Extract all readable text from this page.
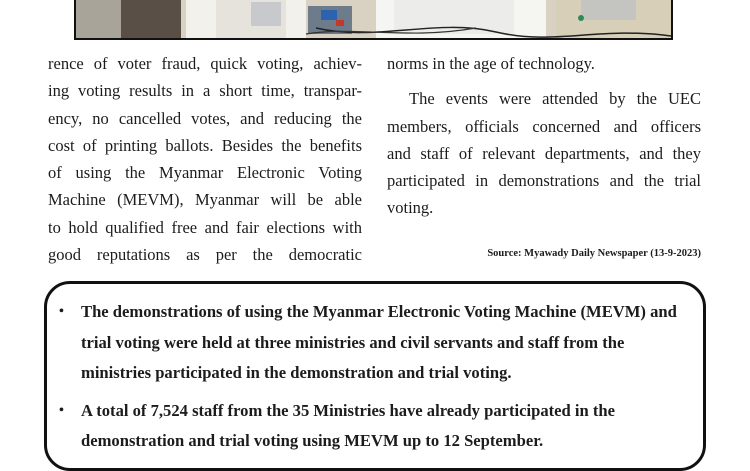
rence of voter fraud, quick voting, achiev-
ing voting results in a short time, transpar-
ency, no cancelled votes, and reducing the
cost of printing ballots. Besides the benefits
of using the Myanmar Electronic Voting
Machine (MEVM), Myanmar will be able
to hold qualified free and fair elections with
good reputations as per the democratic
norms in the age of technology.
The events were attended by the UEC
members, officials concerned and officers
and staff of relevant departments, and they
participated in demonstrations and the trial
voting.
Source: Myawady Daily Newspaper (13-9-2023)
• The demonstrations of using the Myanmar Electronic Voting Machine (MEVM) and trial voting were held at three ministries and civil servants and staff from the ministries participated in the demonstration and trial voting.
• A total of 7,524 staff from the 35 Ministries have already participated in the demonstration and trial voting using MEVM up to 12 September.
